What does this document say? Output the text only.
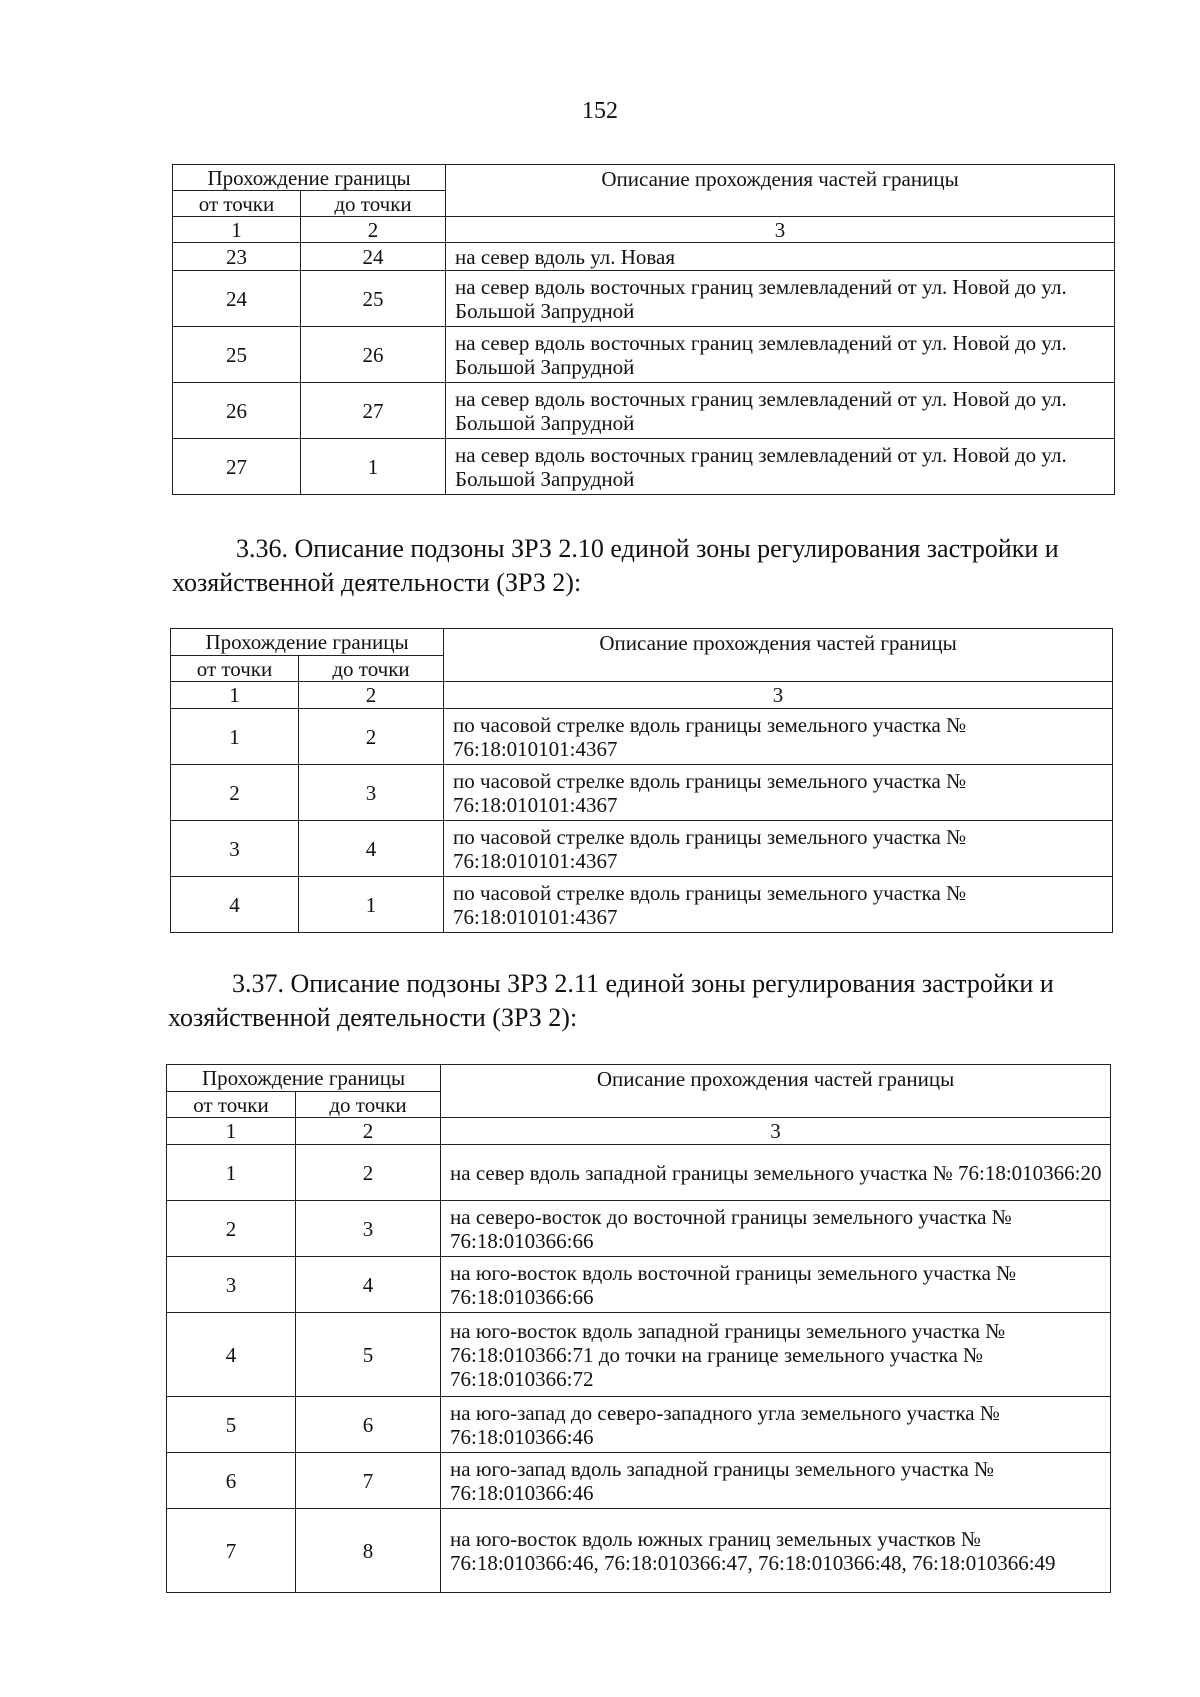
152
Прохождение границы		Описание прохождения частей границы
от точки	до точки	
1	2	3
23	24	на север вдоль ул. Новая
24	25	на север вдоль восточных границ землевладений от ул. Новой до ул. Большой Запрудной
25	26	на север вдоль восточных границ землевладений от ул. Новой до ул. Большой Запрудной
26	27	на север вдоль восточных границ землевладений от ул. Новой до ул. Большой Запрудной
27	1	на север вдоль восточных границ землевладений от ул. Новой до ул. Большой Запрудной
3.36. Описание подзоны ЗРЗ 2.10 единой зоны регулирования застройки и хозяйственной деятельности (ЗРЗ 2):
Прохождение границы		Описание прохождения частей границы
от точки	до точки	
1	2	3
1	2	по часовой стрелке вдоль границы земельного участка № 76:18:010101:4367
2	3	по часовой стрелке вдоль границы земельного участка № 76:18:010101:4367
3	4	по часовой стрелке вдоль границы земельного участка № 76:18:010101:4367
4	1	по часовой стрелке вдоль границы земельного участка № 76:18:010101:4367
3.37. Описание подзоны ЗРЗ 2.11 единой зоны регулирования застройки и хозяйственной деятельности (ЗРЗ 2):
Прохождение границы		Описание прохождения частей границы
от точки	до точки	
1	2	3
1	2	на север вдоль западной границы земельного участка № 76:18:010366:20
2	3	на северо-восток до восточной границы земельного участка № 76:18:010366:66
3	4	на юго-восток вдоль восточной границы земельного участка № 76:18:010366:66
4	5	на юго-восток вдоль западной границы земельного участка № 76:18:010366:71 до точки на границе земельного участка № 76:18:010366:72
5	6	на юго-запад до северо-западного угла земельного участка № 76:18:010366:46
6	7	на юго-запад вдоль западной границы земельного участка № 76:18:010366:46
7	8	на юго-восток вдоль южных границ земельных участков № 76:18:010366:46, 76:18:010366:47, 76:18:010366:48, 76:18:010366:49
